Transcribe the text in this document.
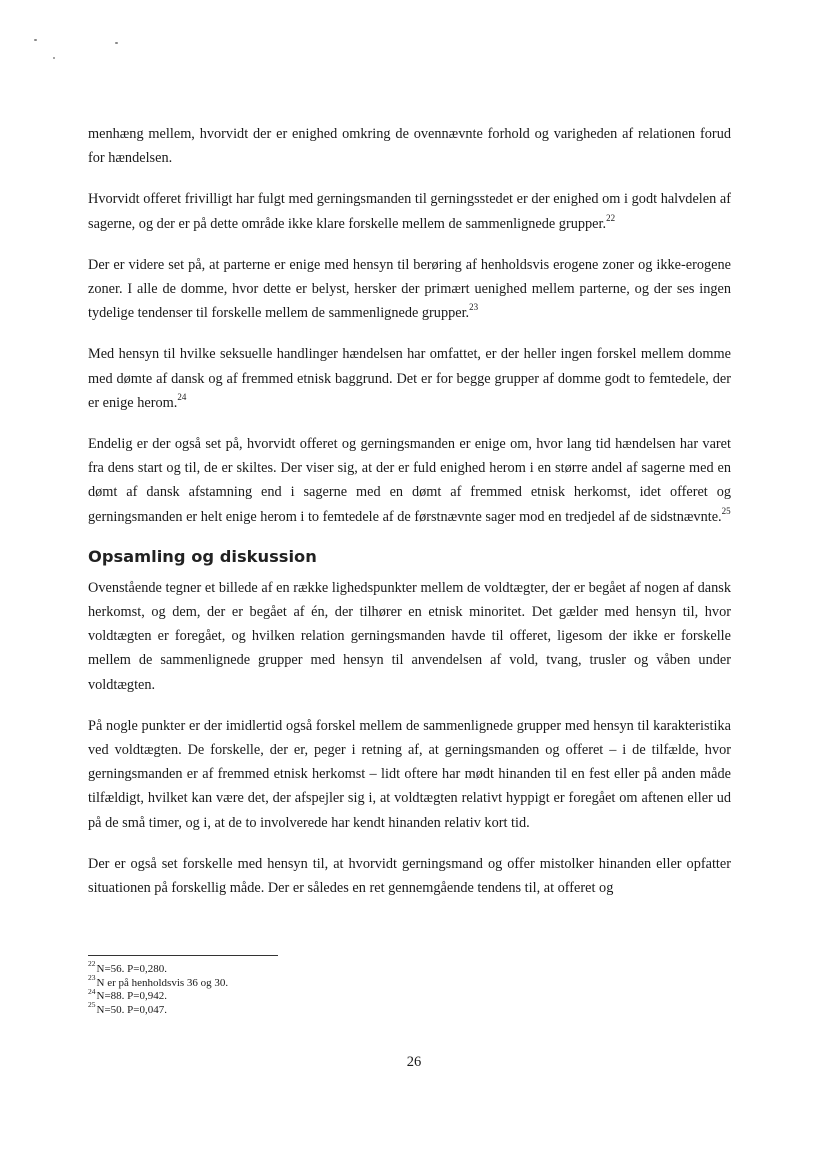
menhæng mellem, hvorvidt der er enighed omkring de ovennævnte forhold og varigheden af relationen forud for hændelsen.

Hvorvidt offeret frivilligt har fulgt med gerningsmanden til gerningsstedet er der enighed om i godt halvdelen af sagerne, og der er på dette område ikke klare forskelle mellem de sammenlignede grupper.$^{22}$

Der er videre set på, at parterne er enige med hensyn til berøring af henholdsvis erogene zoner og ikke-erogene zoner. I alle de domme, hvor dette er belyst, hersker der primært uenighed mellem parterne, og der ses ingen tydelige tendenser til forskelle mellem de sammenlignede grupper.$^{23}$

Med hensyn til hvilke seksuelle handlinger hændelsen har omfattet, er der heller ingen forskel mellem domme med dømte af dansk og af fremmed etnisk baggrund. Det er for begge grupper af domme godt to femtedele, der er enige herom.$^{24}$

Endelig er der også set på, hvorvidt offeret og gerningsmanden er enige om, hvor lang tid hændelsen har varet fra dens start og til, de er skiltes. Der viser sig, at der er fuld enighed herom i en større andel af sagerne med en dømt af dansk afstamning end i sagerne med en dømt af fremmed etnisk herkomst, idet offeret og gerningsmanden er helt enige herom i to femtedele af de førstnævnte sager mod en tredjedel af de sidstnævnte.$^{25}$

Opsamling og diskussion

Ovenstående tegner et billede af en række lighedspunkter mellem de voldtægter, der er begået af nogen af dansk herkomst, og dem, der er begået af én, der tilhører en etnisk minoritet. Det gælder med hensyn til, hvor voldtægten er foregået, og hvilken relation gerningsmanden havde til offeret, ligesom der ikke er forskelle mellem de sammenlignede grupper med hensyn til anvendelsen af vold, tvang, trusler og våben under voldtægten.

På nogle punkter er der imidlertid også forskel mellem de sammenlignede grupper med hensyn til karakteristika ved voldtægten. De forskelle, der er, peger i retning af, at gerningsmanden og offeret – i de tilfælde, hvor gerningsmanden er af fremmed etnisk herkomst – lidt oftere har mødt hinanden til en fest eller på anden måde tilfældigt, hvilket kan være det, der afspejler sig i, at voldtægten relativt hyppigt er foregået om aftenen eller ud på de små timer, og i, at de to involverede har kendt hinanden relativ kort tid.

Der er også set forskelle med hensyn til, at hvorvidt gerningsmand og offer mistolker hinanden eller opfatter situationen på forskellig måde. Der er således en ret gennemgående tendens til, at offeret og

$^{22}$N=56. P=0,280.
$^{23}$N er på henholdsvis 36 og 30.
$^{24}$N=88. P=0,942.
$^{25}$N=50. P=0,047.
26
